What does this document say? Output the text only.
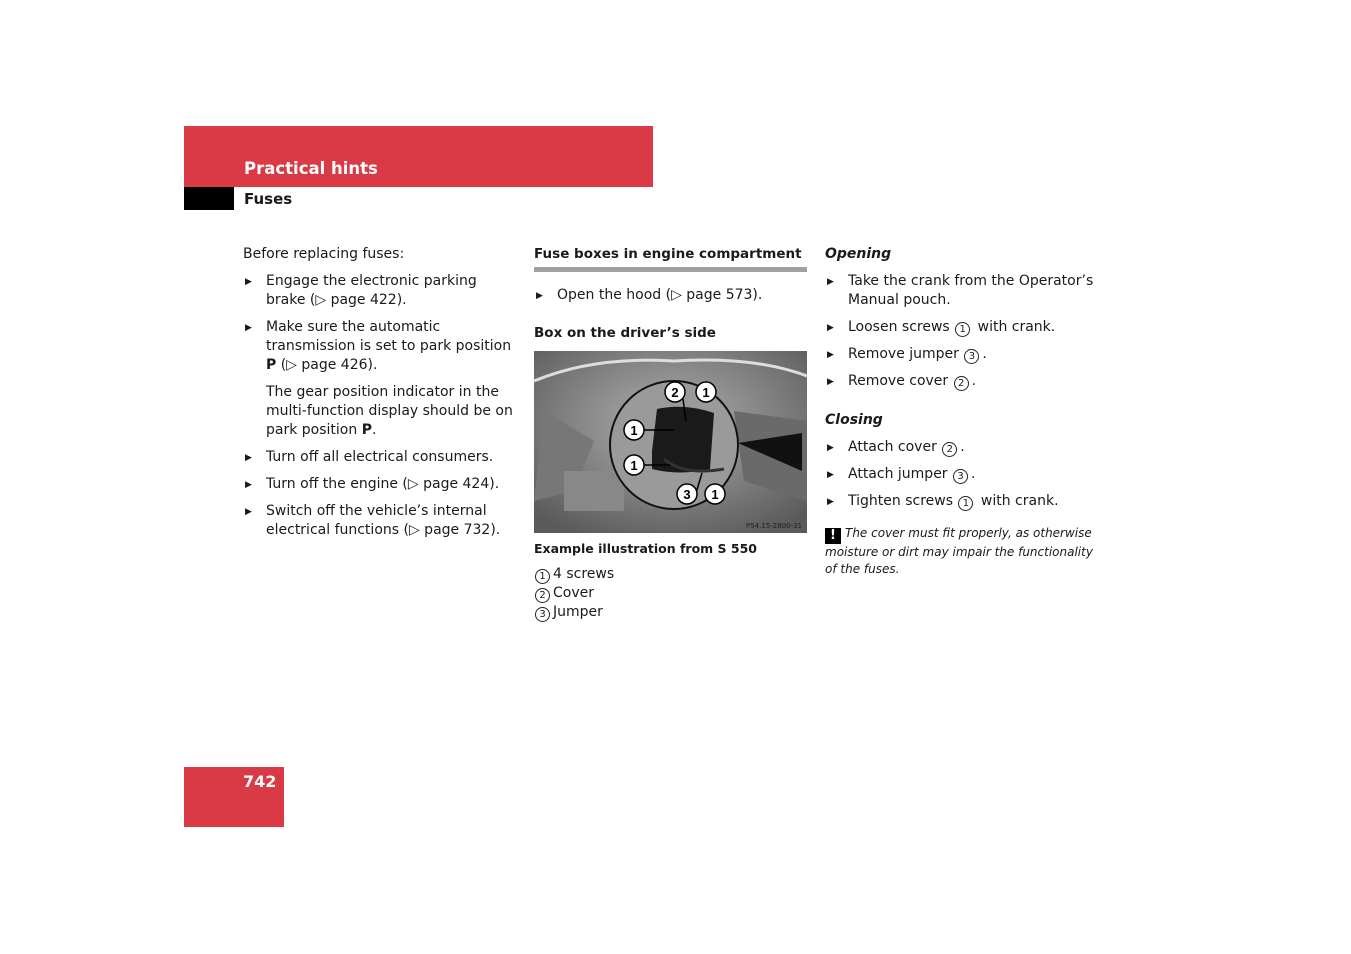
Practical hints
Fuses

Before replacing fuses:

▶ Engage the electronic parking brake (▷ page 422).

▶ Make sure the automatic transmission is set to park position P (▷ page 426).

The gear position indicator in the multi-function display should be on park position P.

▶ Turn off all electrical consumers.

▶ Turn off the engine (▷ page 424).

▶ Switch off the vehicle’s internal electrical functions (▷ page 732).

Fuse boxes in engine compartment

▶ Open the hood (▷ page 573).

Box on the driver’s side

2 1
1
1
3 1
P54.15-2800-31

Example illustration from S 550

1 4 screws

2 Cover

3 Jumper

Opening

▶ Take the crank from the Operator’s Manual pouch.

▶ Loosen screws 1 with crank.

▶ Remove jumper 3 .

▶ Remove cover 2 .

Closing

▶ Attach cover 2 .

▶ Attach jumper 3 .

▶ Tighten screws 1 with crank.

! The cover must fit properly, as otherwise moisture or dirt may impair the functionality of the fuses.

742
